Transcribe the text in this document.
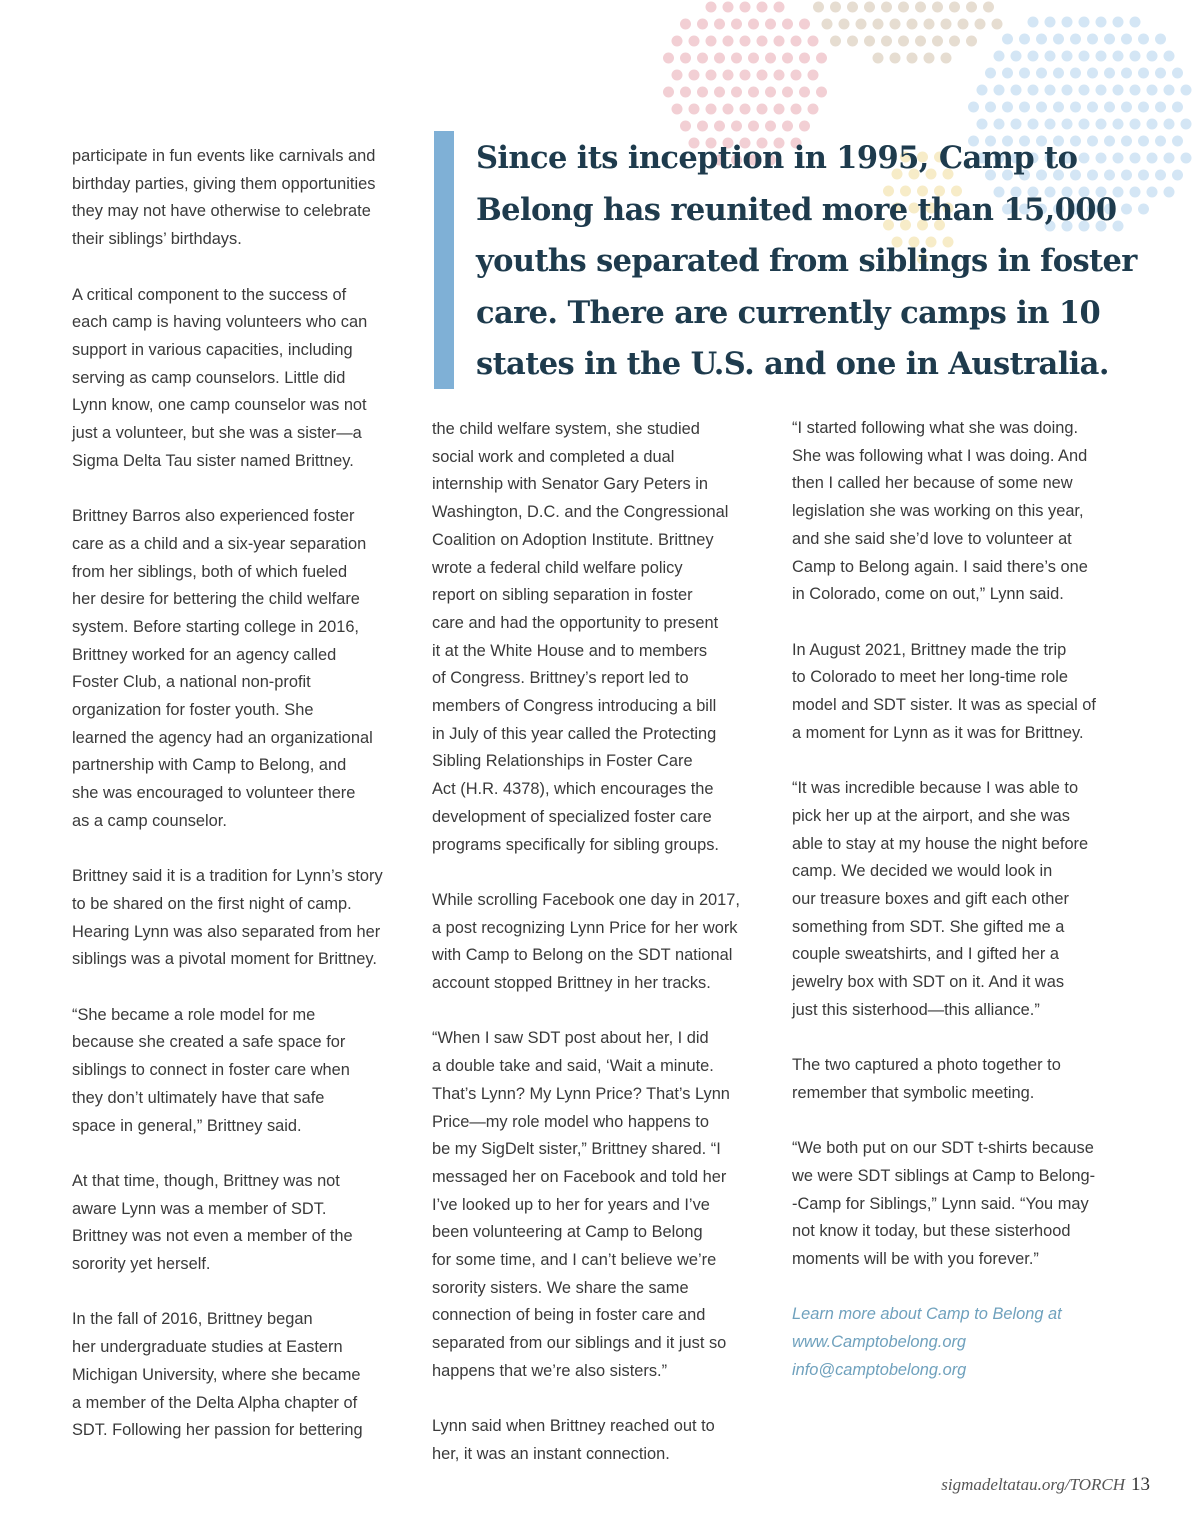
Since its inception in 1995, Camp to
Belong has reunited more than 15,000
youths separated from siblings in foster
care. There are currently camps in 10
states in the U.S. and one in Australia.

participate in fun events like carnivals and
birthday parties, giving them opportunities
they may not have otherwise to celebrate
their siblings’ birthdays.

A critical component to the success of
each camp is having volunteers who can
support in various capacities, including
serving as camp counselors. Little did
Lynn know, one camp counselor was not
just a volunteer, but she was a sister—a
Sigma Delta Tau sister named Brittney.

Brittney Barros also experienced foster
care as a child and a six-year separation
from her siblings, both of which fueled
her desire for bettering the child welfare
system. Before starting college in 2016,
Brittney worked for an agency called
Foster Club, a national non-profit
organization for foster youth. She
learned the agency had an organizational
partnership with Camp to Belong, and
she was encouraged to volunteer there
as a camp counselor.

Brittney said it is a tradition for Lynn’s story
to be shared on the first night of camp.
Hearing Lynn was also separated from her
siblings was a pivotal moment for Brittney.

“She became a role model for me
because she created a safe space for
siblings to connect in foster care when
they don’t ultimately have that safe
space in general,” Brittney said.

At that time, though, Brittney was not
aware Lynn was a member of SDT.
Brittney was not even a member of the
sorority yet herself.

In the fall of 2016, Brittney began
her undergraduate studies at Eastern
Michigan University, where she became
a member of the Delta Alpha chapter of
SDT. Following her passion for bettering

the child welfare system, she studied
social work and completed a dual
internship with Senator Gary Peters in
Washington, D.C. and the Congressional
Coalition on Adoption Institute. Brittney
wrote a federal child welfare policy
report on sibling separation in foster
care and had the opportunity to present
it at the White House and to members
of Congress. Brittney’s report led to
members of Congress introducing a bill
in July of this year called the Protecting
Sibling Relationships in Foster Care
Act (H.R. 4378), which encourages the
development of specialized foster care
programs specifically for sibling groups.

While scrolling Facebook one day in 2017,
a post recognizing Lynn Price for her work
with Camp to Belong on the SDT national
account stopped Brittney in her tracks.

“When I saw SDT post about her, I did
a double take and said, ‘Wait a minute.
That’s Lynn? My Lynn Price? That’s Lynn
Price—my role model who happens to
be my SigDelt sister,” Brittney shared. “I
messaged her on Facebook and told her
I’ve looked up to her for years and I’ve
been volunteering at Camp to Belong
for some time, and I can’t believe we’re
sorority sisters. We share the same
connection of being in foster care and
separated from our siblings and it just so
happens that we’re also sisters.”

Lynn said when Brittney reached out to
her, it was an instant connection.

“I started following what she was doing.
She was following what I was doing. And
then I called her because of some new
legislation she was working on this year,
and she said she’d love to volunteer at
Camp to Belong again. I said there’s one
in Colorado, come on out,” Lynn said.

In August 2021, Brittney made the trip
to Colorado to meet her long-time role
model and SDT sister. It was as special of
a moment for Lynn as it was for Brittney.

“It was incredible because I was able to
pick her up at the airport, and she was
able to stay at my house the night before
camp. We decided we would look in
our treasure boxes and gift each other
something from SDT. She gifted me a
couple sweatshirts, and I gifted her a
jewelry box with SDT on it. And it was
just this sisterhood—this alliance.”

The two captured a photo together to
remember that symbolic meeting.

“We both put on our SDT t-shirts because
we were SDT siblings at Camp to Belong-
-Camp for Siblings,” Lynn said. “You may
not know it today, but these sisterhood
moments will be with you forever.”

Learn more about Camp to Belong at
www.Camptobelong.org
info@camptobelong.org

sigmadeltatau.org/TORCH 13
